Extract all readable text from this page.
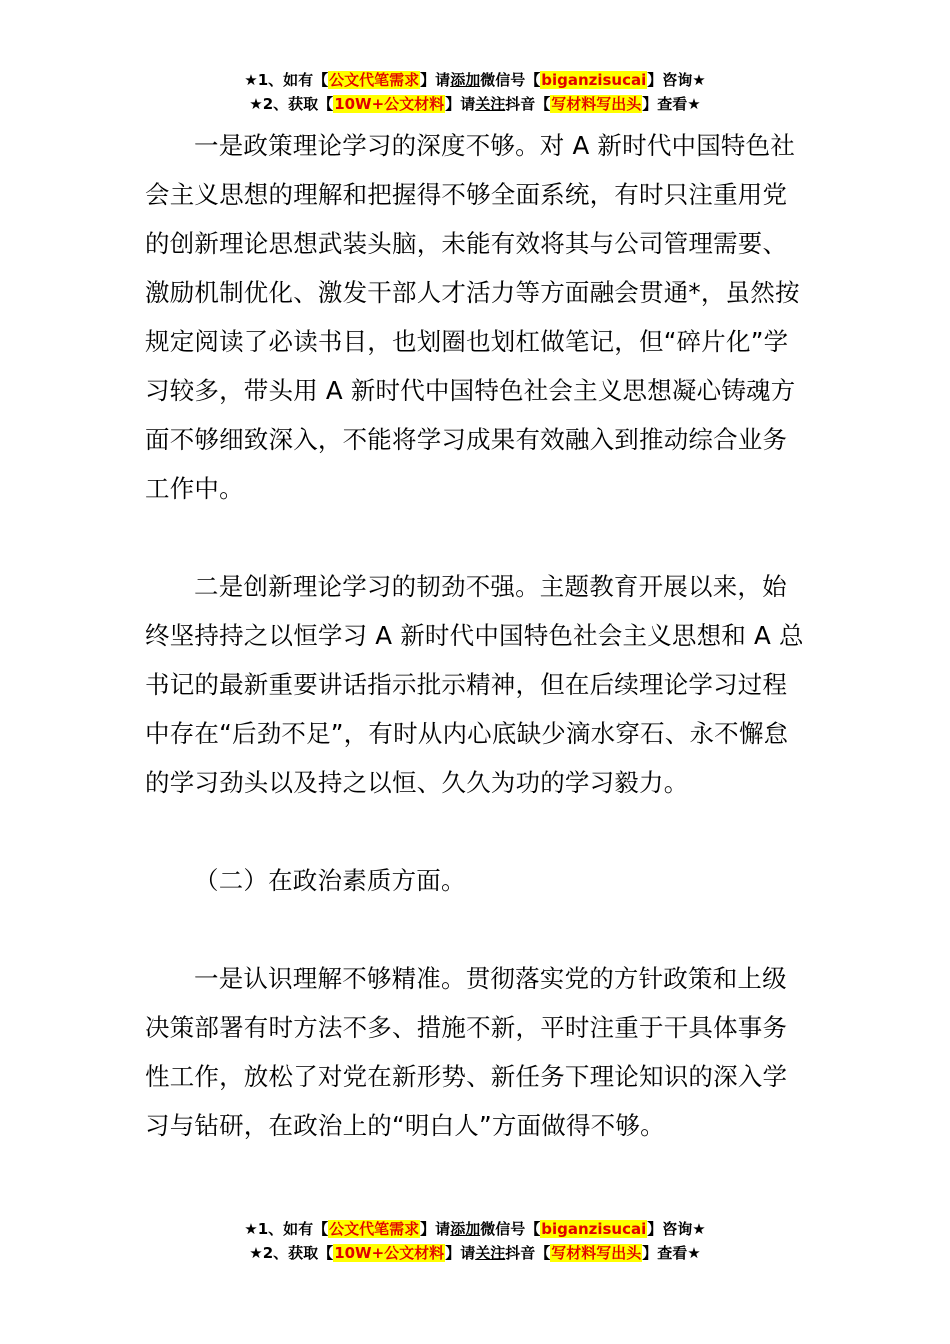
★1、如有【公文代笔需求】请添加微信号【biganzisucai】咨询★
★2、获取【10W+公文材料】请关注抖音【写材料写出头】查看★

一是政策理论学习的深度不够。对 A 新时代中国特色社会主义思想的理解和把握得不够全面系统，有时只注重用党的创新理论思想武装头脑，未能有效将其与公司管理需要、激励机制优化、激发干部人才活力等方面融会贯通*，虽然按规定阅读了必读书目，也划圈也划杠做笔记，但“碎片化”学习较多，带头用 A 新时代中国特色社会主义思想凝心铸魂方面不够细致深入，不能将学习成果有效融入到推动综合业务工作中。

二是创新理论学习的韧劲不强。主题教育开展以来，始终坚持持之以恒学习 A 新时代中国特色社会主义思想和 A 总书记的最新重要讲话指示批示精神，但在后续理论学习过程中存在“后劲不足”，有时从内心底缺少滴水穿石、永不懈怠的学习劲头以及持之以恒、久久为功的学习毅力。

（二）在政治素质方面。

一是认识理解不够精准。贯彻落实党的方针政策和上级决策部署有时方法不多、措施不新，平时注重于干具体事务性工作，放松了对党在新形势、新任务下理论知识的深入学习与钻研，在政治上的“明白人”方面做得不够。

★1、如有【公文代笔需求】请添加微信号【biganzisucai】咨询★
★2、获取【10W+公文材料】请关注抖音【写材料写出头】查看★
